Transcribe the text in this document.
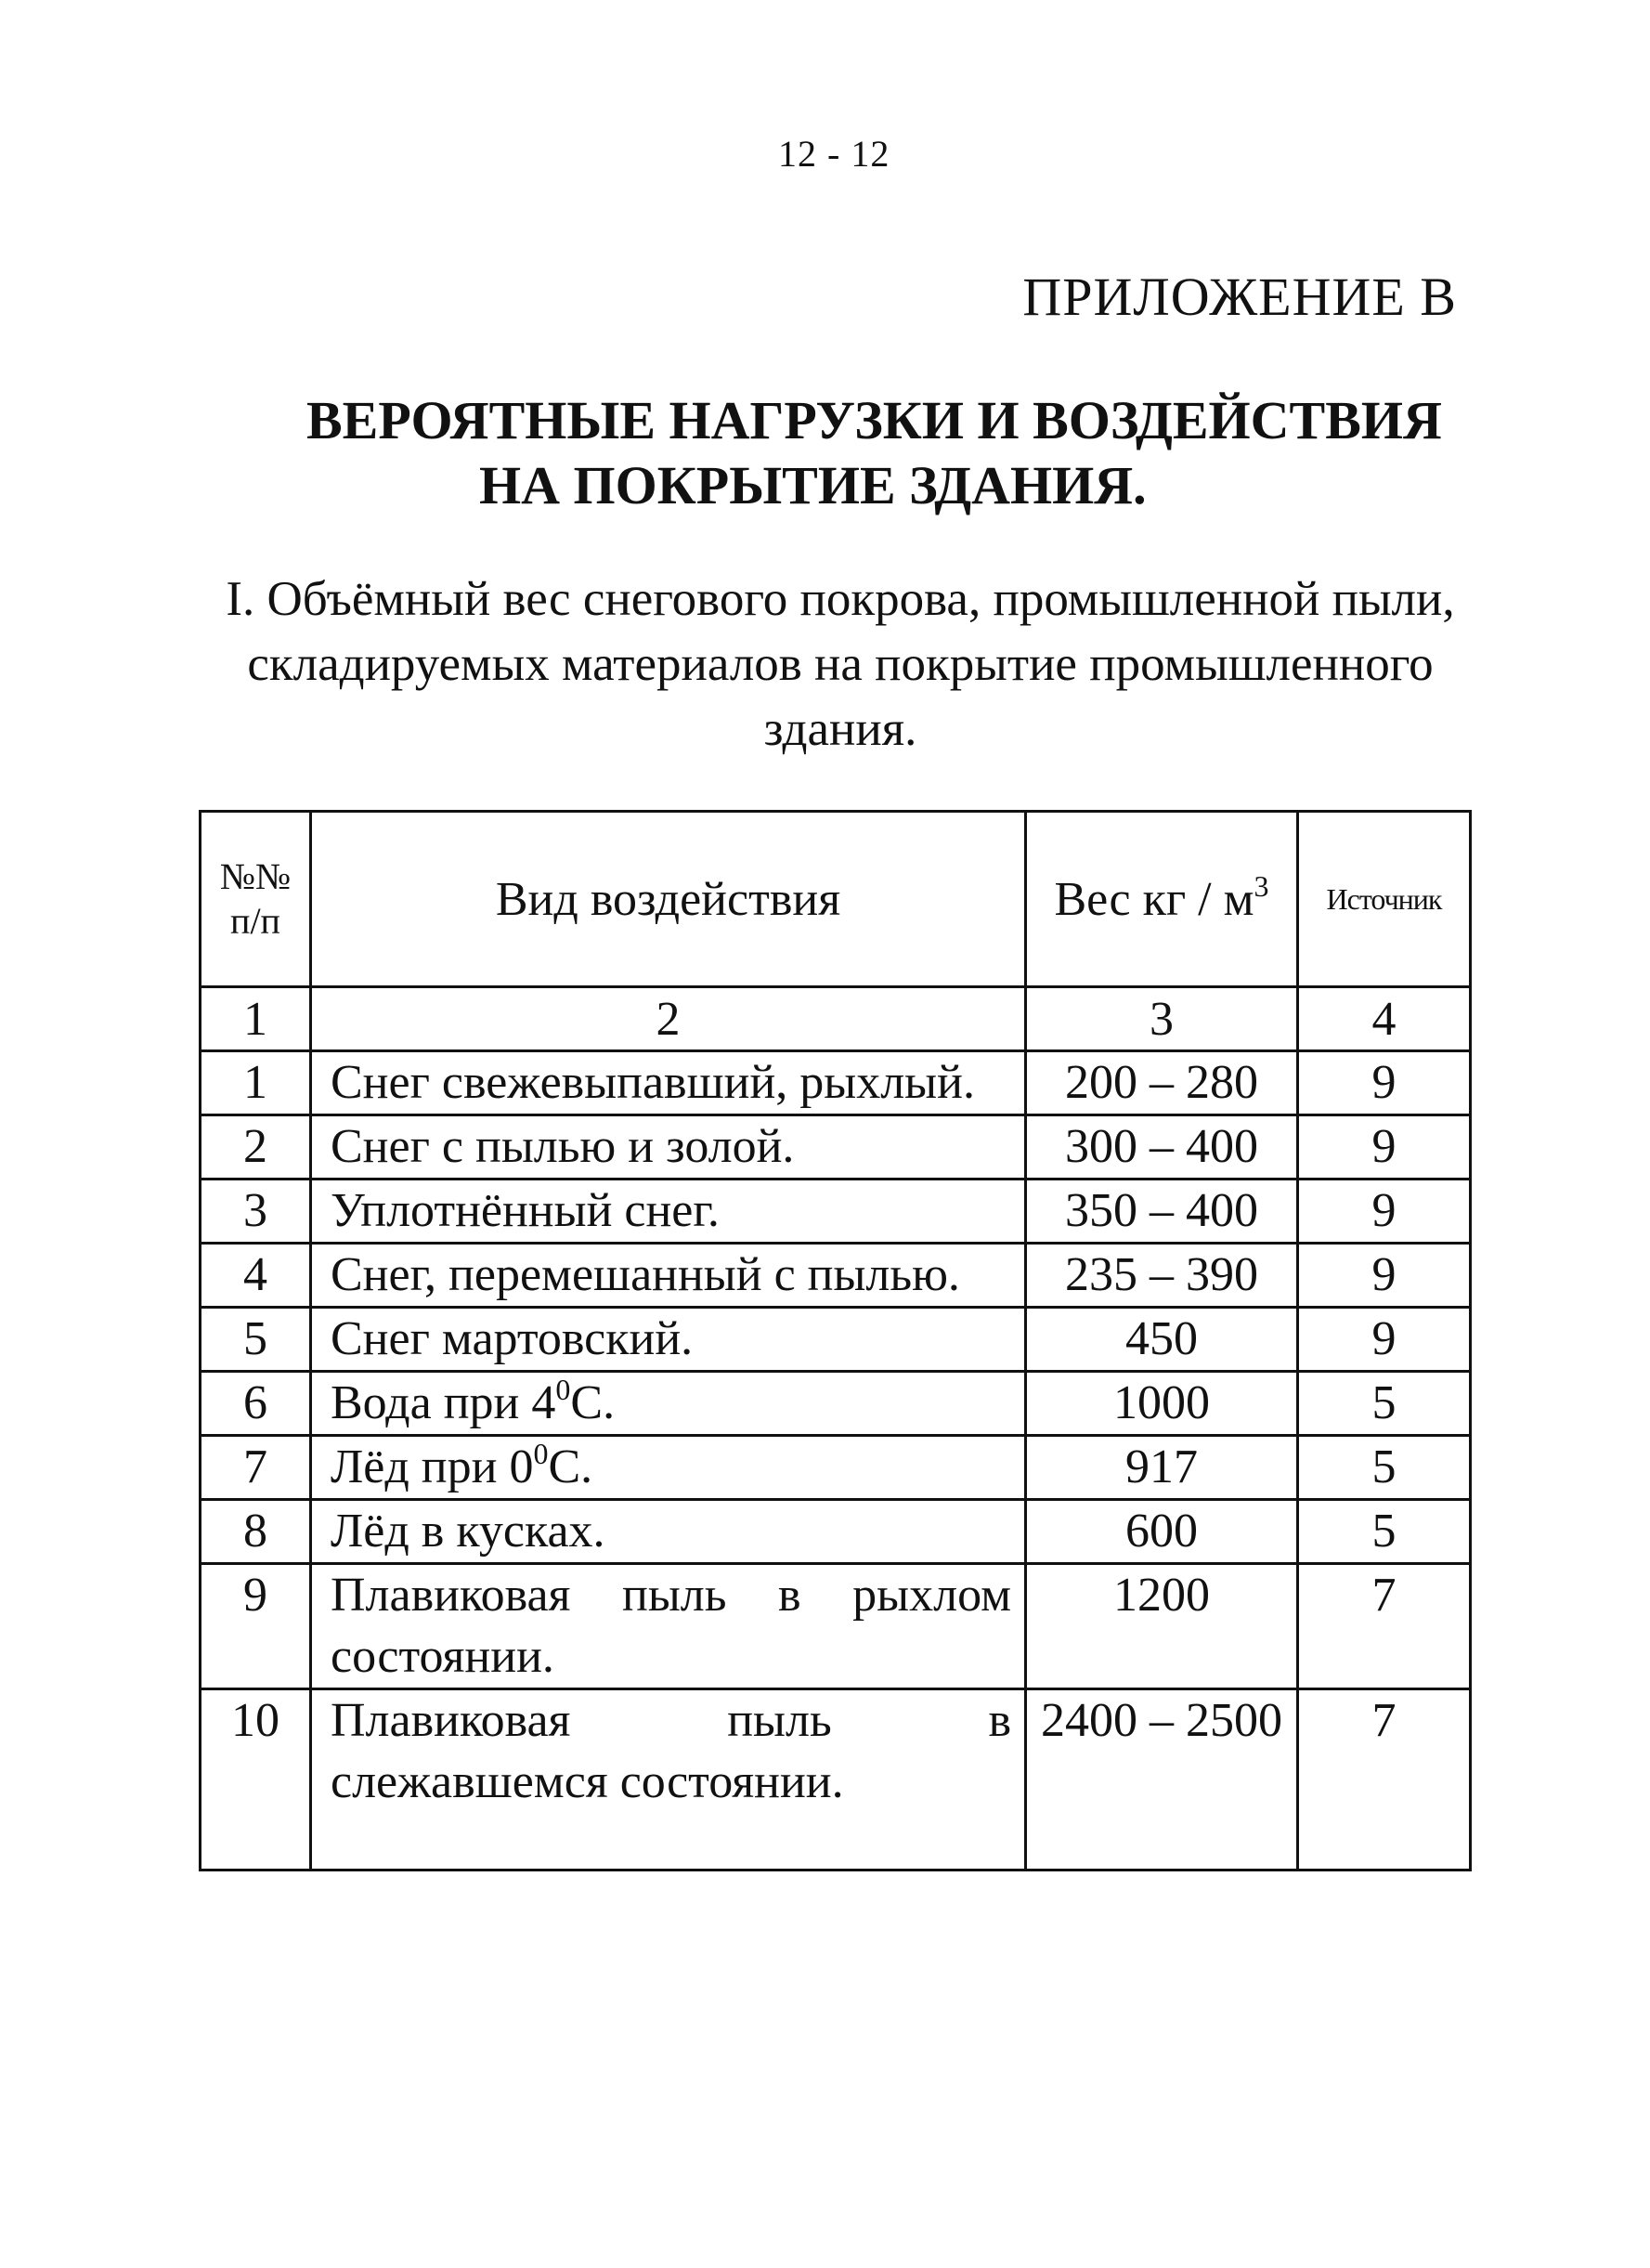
12 - 12
ПРИЛОЖЕНИЕ В
ВЕРОЯТНЫЕ НАГРУЗКИ И ВОЗДЕЙСТВИЯ
НА ПОКРЫТИЕ ЗДАНИЯ.
I. Объёмный вес снегового покрова, промышленной пыли, складируемых материалов на покрытие промышленного здания.
№№
п/п	Вид воздействия	Вес кг / $м^3$	Источник
1	2	3	4
1	Снег свежевыпавший, рыхлый.	200 – 280	9
2	Снег с пылью и золой.	300 – 400	9
3	Уплотнённый снег.	350 – 400	9
4	Снег, перемешанный с пылью.	235 – 390	9
5	Снег мартовский.	450	9
6	Вода при $4^0С$.	1000	5
7	Лёд при $0^0С$.	917	5
8	Лёд в кусках.	600	5
9	Плавиковая пыль в рыхлом состоянии.	1200	7
10	Плавиковая пыль в слежавшемся состоянии.	2400 – 2500	7
